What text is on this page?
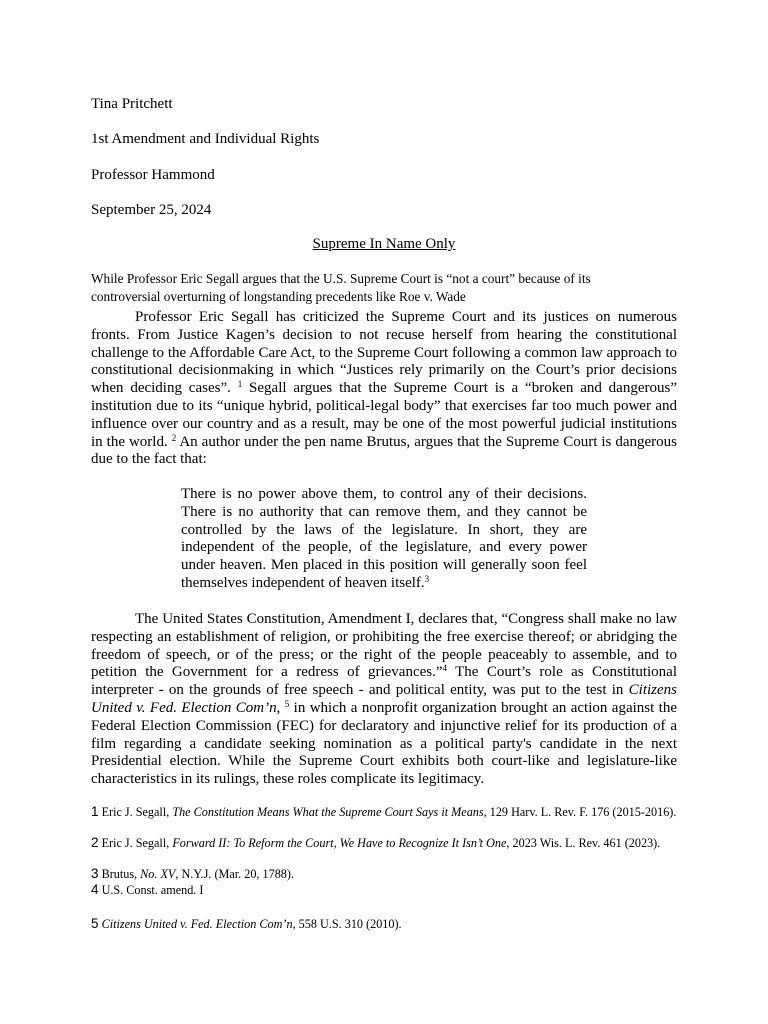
Tina Pritchett
1st Amendment and Individual Rights
Professor Hammond
September 25, 2024
Supreme In Name Only
While Professor Eric Segall argues that the U.S. Supreme Court is “not a court” because of its controversial overturning of longstanding precedents like Roe v. Wade
Professor Eric Segall has criticized the Supreme Court and its justices on numerous fronts. From Justice Kagen’s decision to not recuse herself from hearing the constitutional challenge to the Affordable Care Act, to the Supreme Court following a common law approach to constitutional decisionmaking in which “Justices rely primarily on the Court’s prior decisions when deciding cases”. $^1$ Segall argues that the Supreme Court is a “broken and dangerous” institution due to its “unique hybrid, political-legal body” that exercises far too much power and influence over our country and as a result, may be one of the most powerful judicial institutions in the world. $^2$ An author under the pen name Brutus, argues that the Supreme Court is dangerous due to the fact that:
There is no power above them, to control any of their decisions. There is no authority that can remove them, and they cannot be controlled by the laws of the legislature. In short, they are independent of the people, of the legislature, and every power under heaven. Men placed in this position will generally soon feel themselves independent of heaven itself.$^3$
The United States Constitution, Amendment I, declares that, “Congress shall make no law respecting an establishment of religion, or prohibiting the free exercise thereof; or abridging the freedom of speech, or of the press; or the right of the people peaceably to assemble, and to petition the Government for a redress of grievances.”$^4$ The Court’s role as Constitutional interpreter - on the grounds of free speech - and political entity, was put to the test in Citizens United v. Fed. Election Com’n, $^5$ in which a nonprofit organization brought an action against the Federal Election Commission (FEC) for declaratory and injunctive relief for its production of a film regarding a candidate seeking nomination as a political party's candidate in the next Presidential election. While the Supreme Court exhibits both court-like and legislature-like characteristics in its rulings, these roles complicate its legitimacy.
1 Eric J. Segall, The Constitution Means What the Supreme Court Says it Means, 129 Harv. L. Rev. F. 176 (2015-2016).
2 Eric J. Segall, Forward II: To Reform the Court, We Have to Recognize It Isn’t One, 2023 Wis. L. Rev. 461 (2023).
3 Brutus, No. XV, N.Y.J. (Mar. 20, 1788).
4 U.S. Const. amend. I
5 Citizens United v. Fed. Election Com’n, 558 U.S. 310 (2010).
